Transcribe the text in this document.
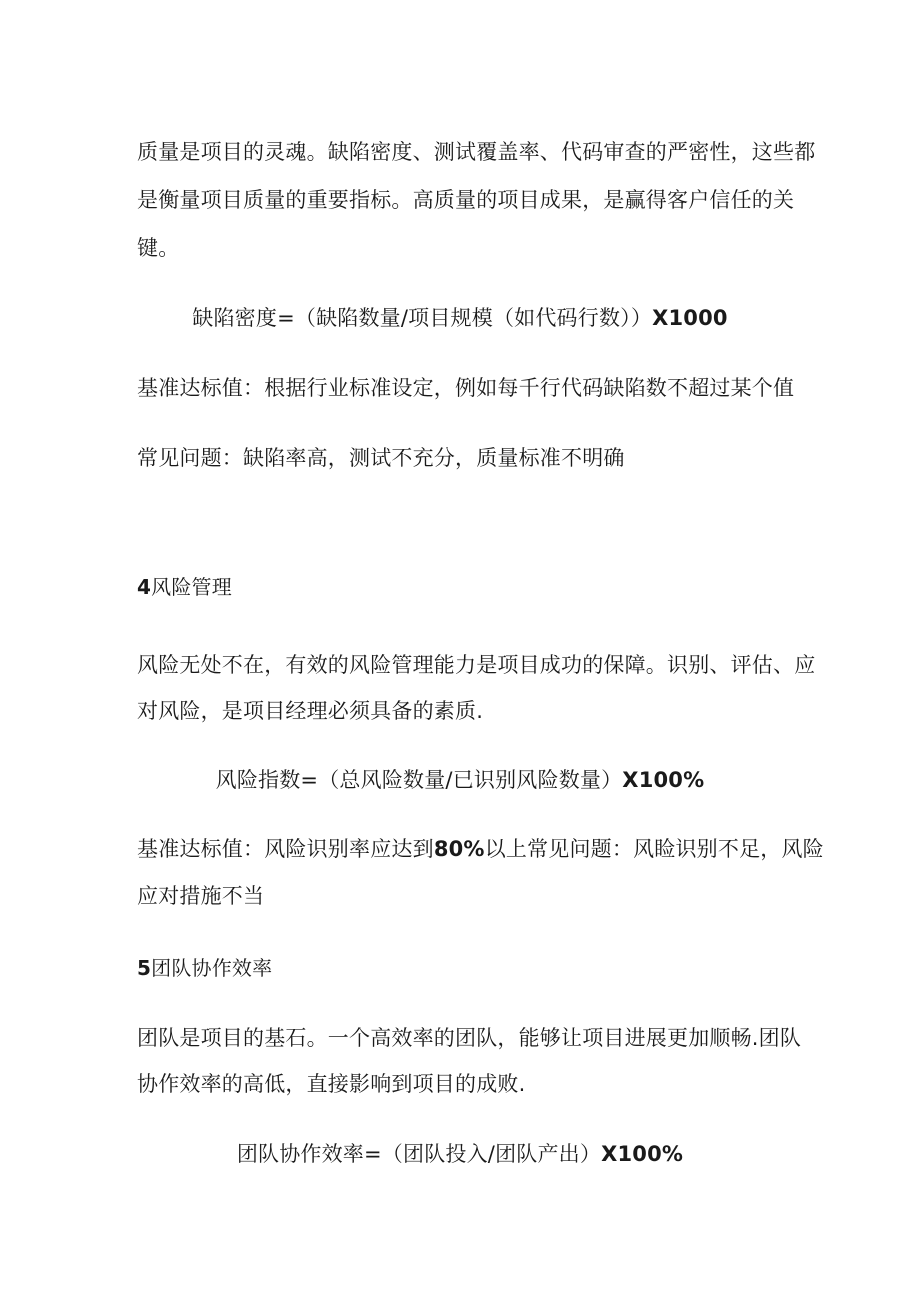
质量是项目的灵魂。缺陷密度、测试覆盖率、代码审查的严密性，这些都
是衡量项目质量的重要指标。高质量的项目成果，是赢得客户信任的关
键。
缺陷密度=（缺陷数量/项目规模（如代码行数））X1000
基准达标值：根据行业标准设定，例如每千行代码缺陷数不超过某个值
常见问题：缺陷率高，测试不充分，质量标准不明确
4风险管理
风险无处不在，有效的风险管理能力是项目成功的保障。识别、评估、应
对风险，是项目经理必须具备的素质.
风险指数=（总风险数量/已识别风险数量）X100%
基准达标值：风险识别率应达到80%以上常见问题：风睑识别不足，风险
应对措施不当
5团队协作效率
团队是项目的基石。一个高效率的团队，能够让项目进展更加顺畅.团队
协作效率的高低，直接影响到项目的成败.
团队协作效率=（团队投入/团队产出）X100%
